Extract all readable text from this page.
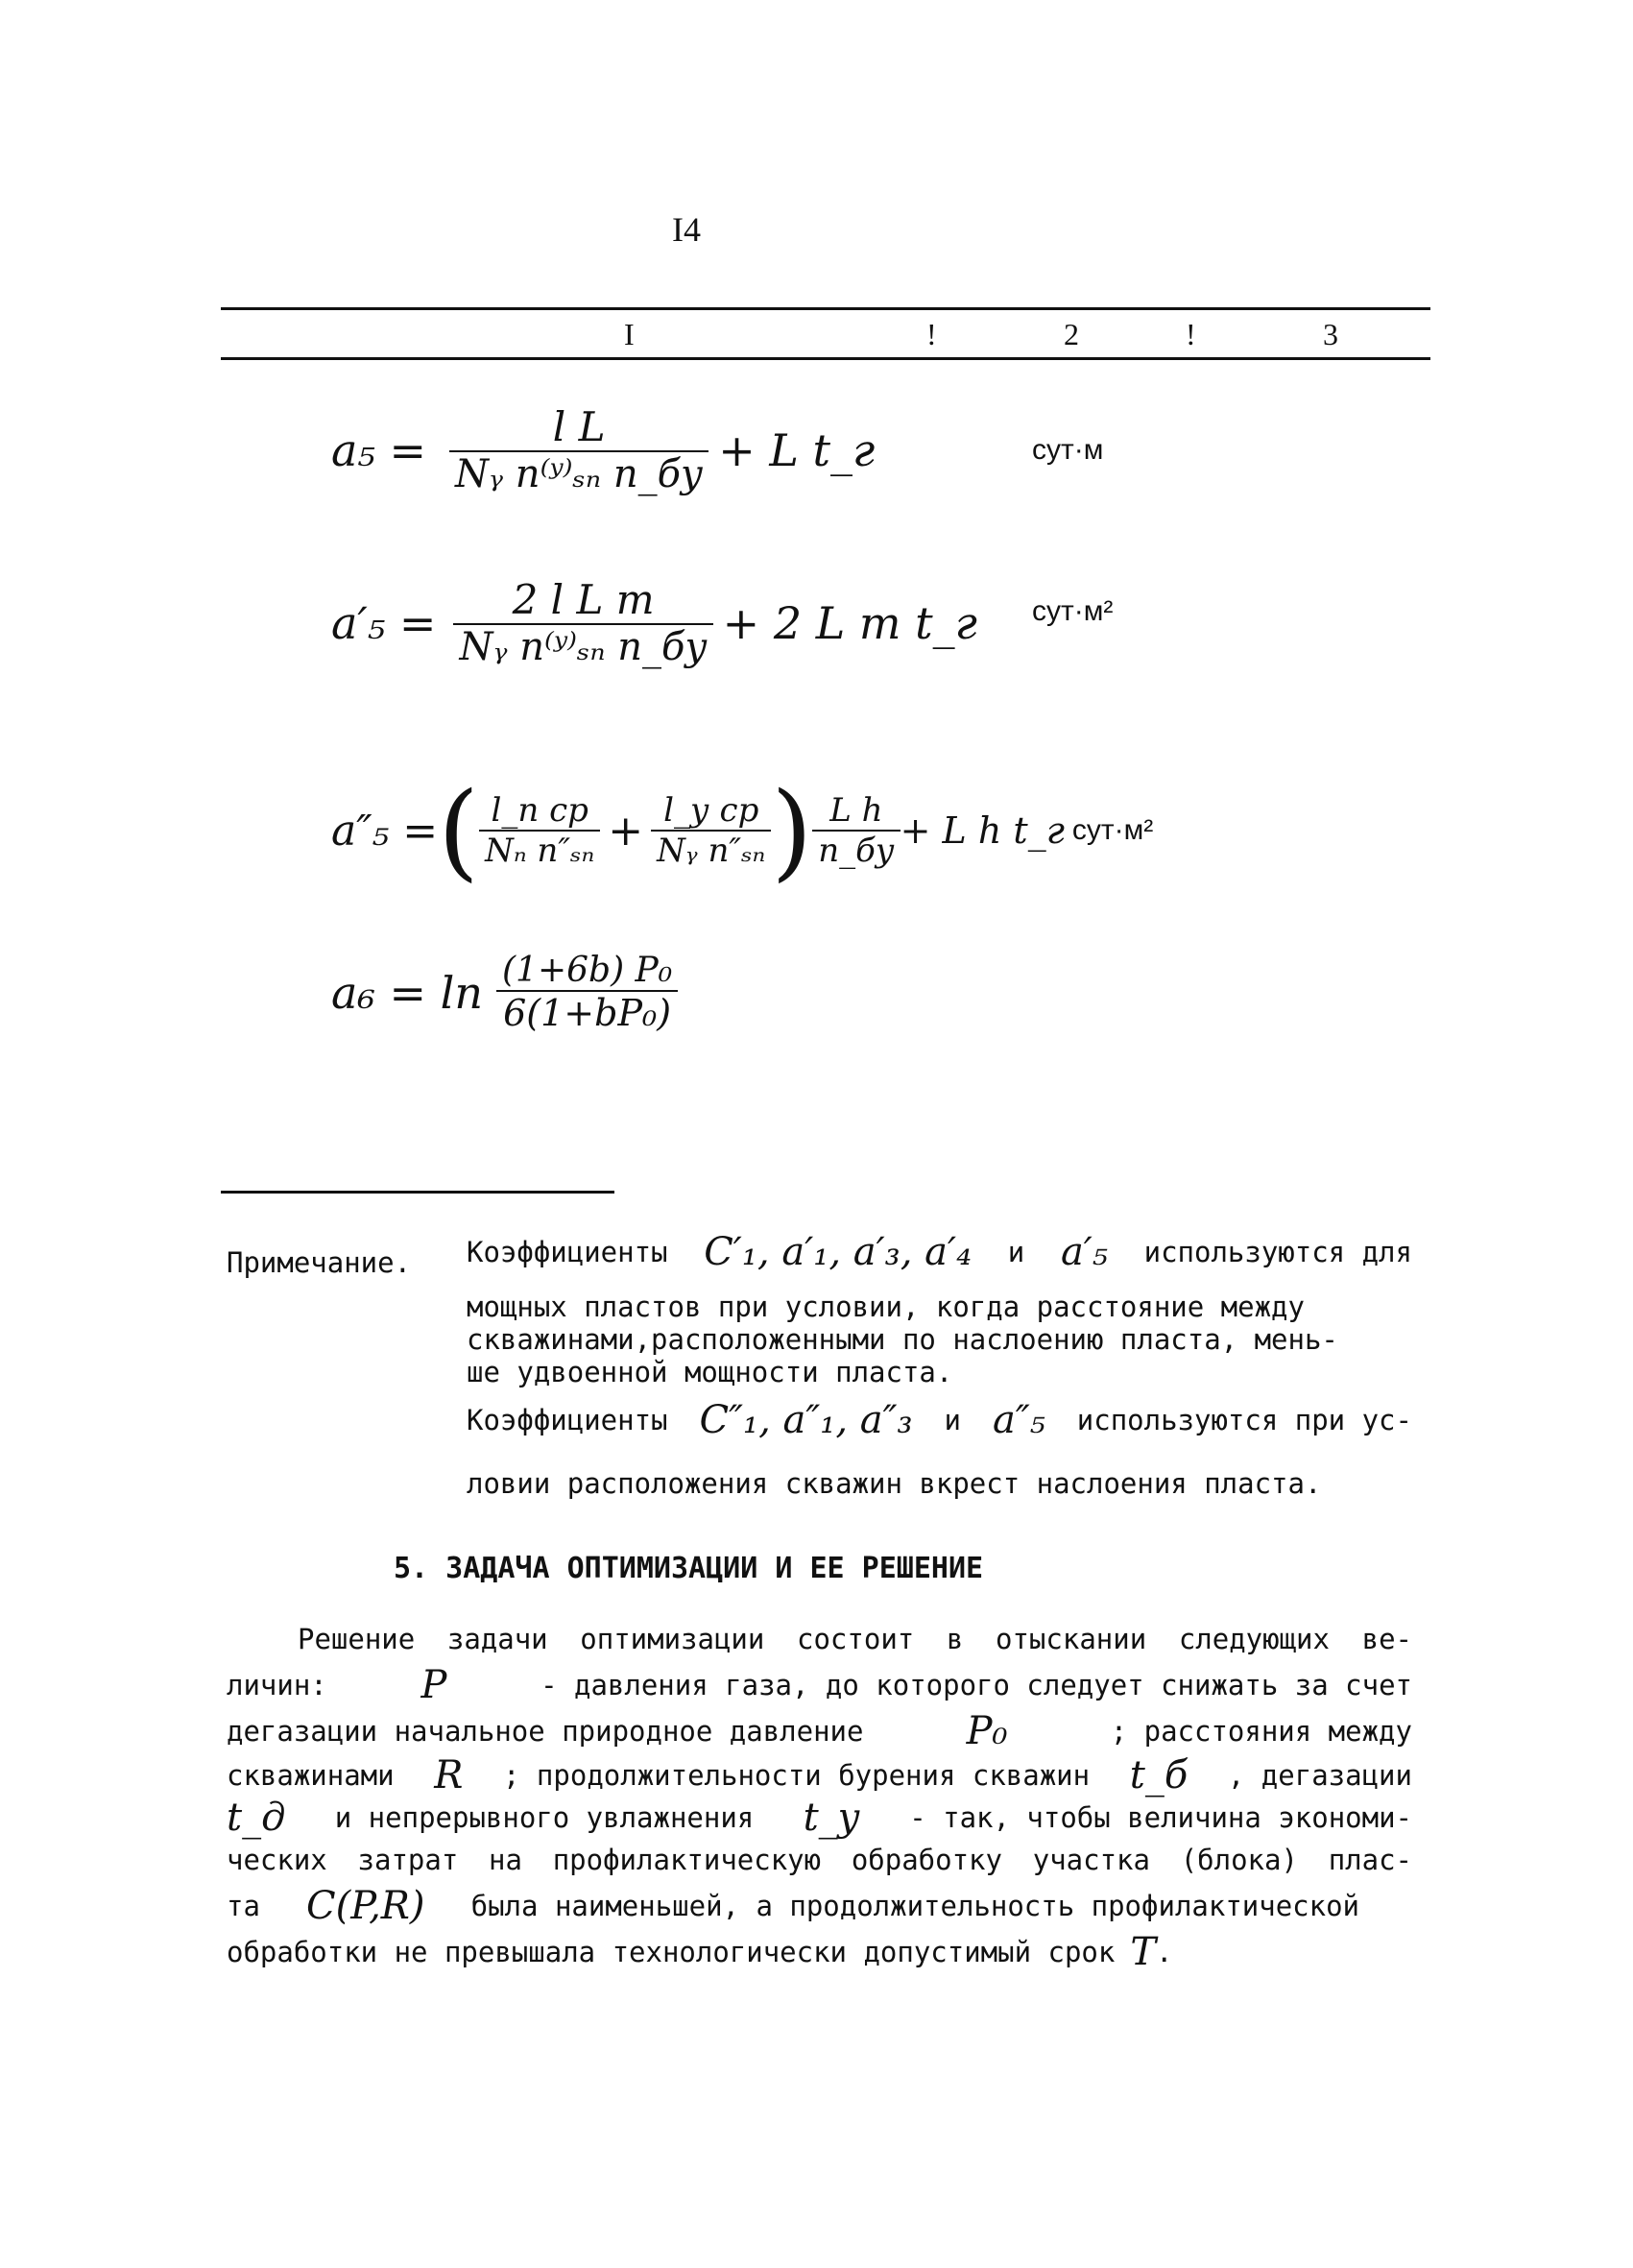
I4
I	!	2	!	3
$a_5 = \frac{\text{l L}}{\text{Nᵧ n⁽ʸ⁾ₛₙ n\_бу}} + L$ t_г	сут·м
$a'_5 = \frac{\text{2 l L m}}{\text{Nᵧ n⁽ʸ⁾ₛₙ n\_бу}} + 2$ L m t_г сут·м²
a″₅ = ( $\frac{\text{l\_п ср}}{\text{Nₙ n″ₛₙ}} + \frac{\text{l\_у ср}}{\text{Nᵧ n″ₛₙ}}$ ) $\frac{\text{L h}}{n\_бу} + L$ h t_г сут·м²
$a_6 = \ln \frac{\text{(1+6b) P₀}}{\text{6(1+bP₀)}}$
Примечание. Коэффициенты C′₁, a′₁, a′₃, a′₄ и a′₅ используются для
мощных пластов при условии, когда расстояние между
скважинами,расположенными по наслоению пласта, мень-
ше удвоенной мощности пласта.
Коэффициенты C″₁, a″₁, a″₃ и a″₅ используются при ус-
ловии расположения скважин вкрест наслоения пласта.
5. ЗАДАЧА ОПТИМИЗАЦИИ И ЕЕ РЕШЕНИЕ
Решение задачи оптимизации состоит в отыскании следующих ве-
личин: P	- давления газа, до которого следует снижать за счет
дегазации начальное природное давление	P₀	; расстояния между
скважинами R ; продолжительности бурения скважин t_б , дегазации
t_д и непрерывного увлажнения t_у - так, чтобы величина экономи-
ческих затрат на профилактическую обработку участка (блока) плас-
та C(P,R) была наименьшей, а продолжительность профилактической
обработки не превышала технологически допустимый срок T .
